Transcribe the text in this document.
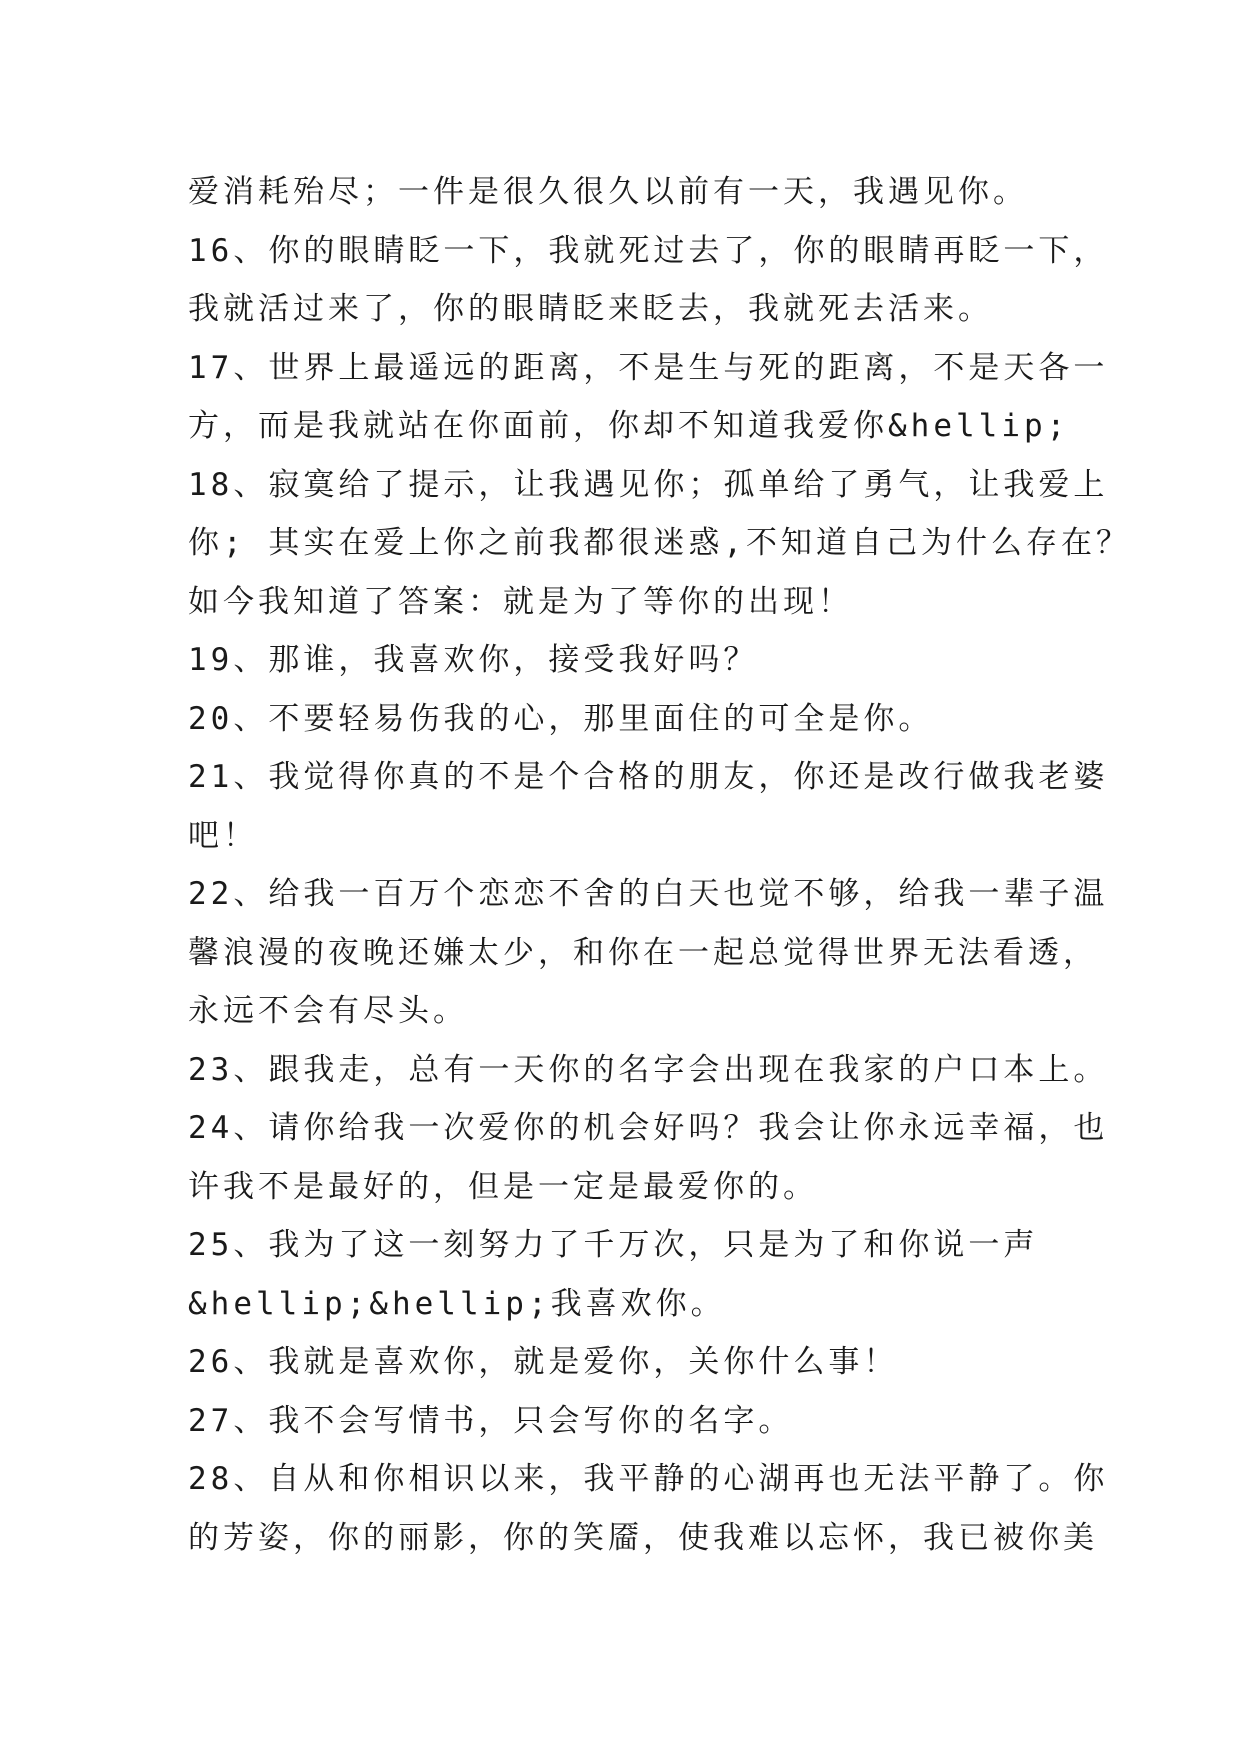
爱消耗殆尽；一件是很久很久以前有一天，我遇见你。
16、你的眼睛眨一下，我就死过去了，你的眼睛再眨一下，
我就活过来了，你的眼睛眨来眨去，我就死去活来。
17、世界上最遥远的距离，不是生与死的距离，不是天各一
方，而是我就站在你面前，你却不知道我爱你&hellip;
18、寂寞给了提示，让我遇见你；孤单给了勇气，让我爱上
你; 其实在爱上你之前我都很迷惑,不知道自己为什么存在？
如今我知道了答案：就是为了等你的出现！
19、那谁，我喜欢你，接受我好吗？
20、不要轻易伤我的心，那里面住的可全是你。
21、我觉得你真的不是个合格的朋友，你还是改行做我老婆
吧！
22、给我一百万个恋恋不舍的白天也觉不够，给我一辈子温
馨浪漫的夜晚还嫌太少，和你在一起总觉得世界无法看透，
永远不会有尽头。
23、跟我走，总有一天你的名字会出现在我家的户口本上。
24、请你给我一次爱你的机会好吗？我会让你永远幸福，也
许我不是最好的，但是一定是最爱你的。
25、我为了这一刻努力了千万次，只是为了和你说一声
&hellip;&hellip;我喜欢你。
26、我就是喜欢你，就是爱你，关你什么事！
27、我不会写情书，只会写你的名字。
28、自从和你相识以来，我平静的心湖再也无法平静了。你
的芳姿，你的丽影，你的笑靥，使我难以忘怀，我已被你美
